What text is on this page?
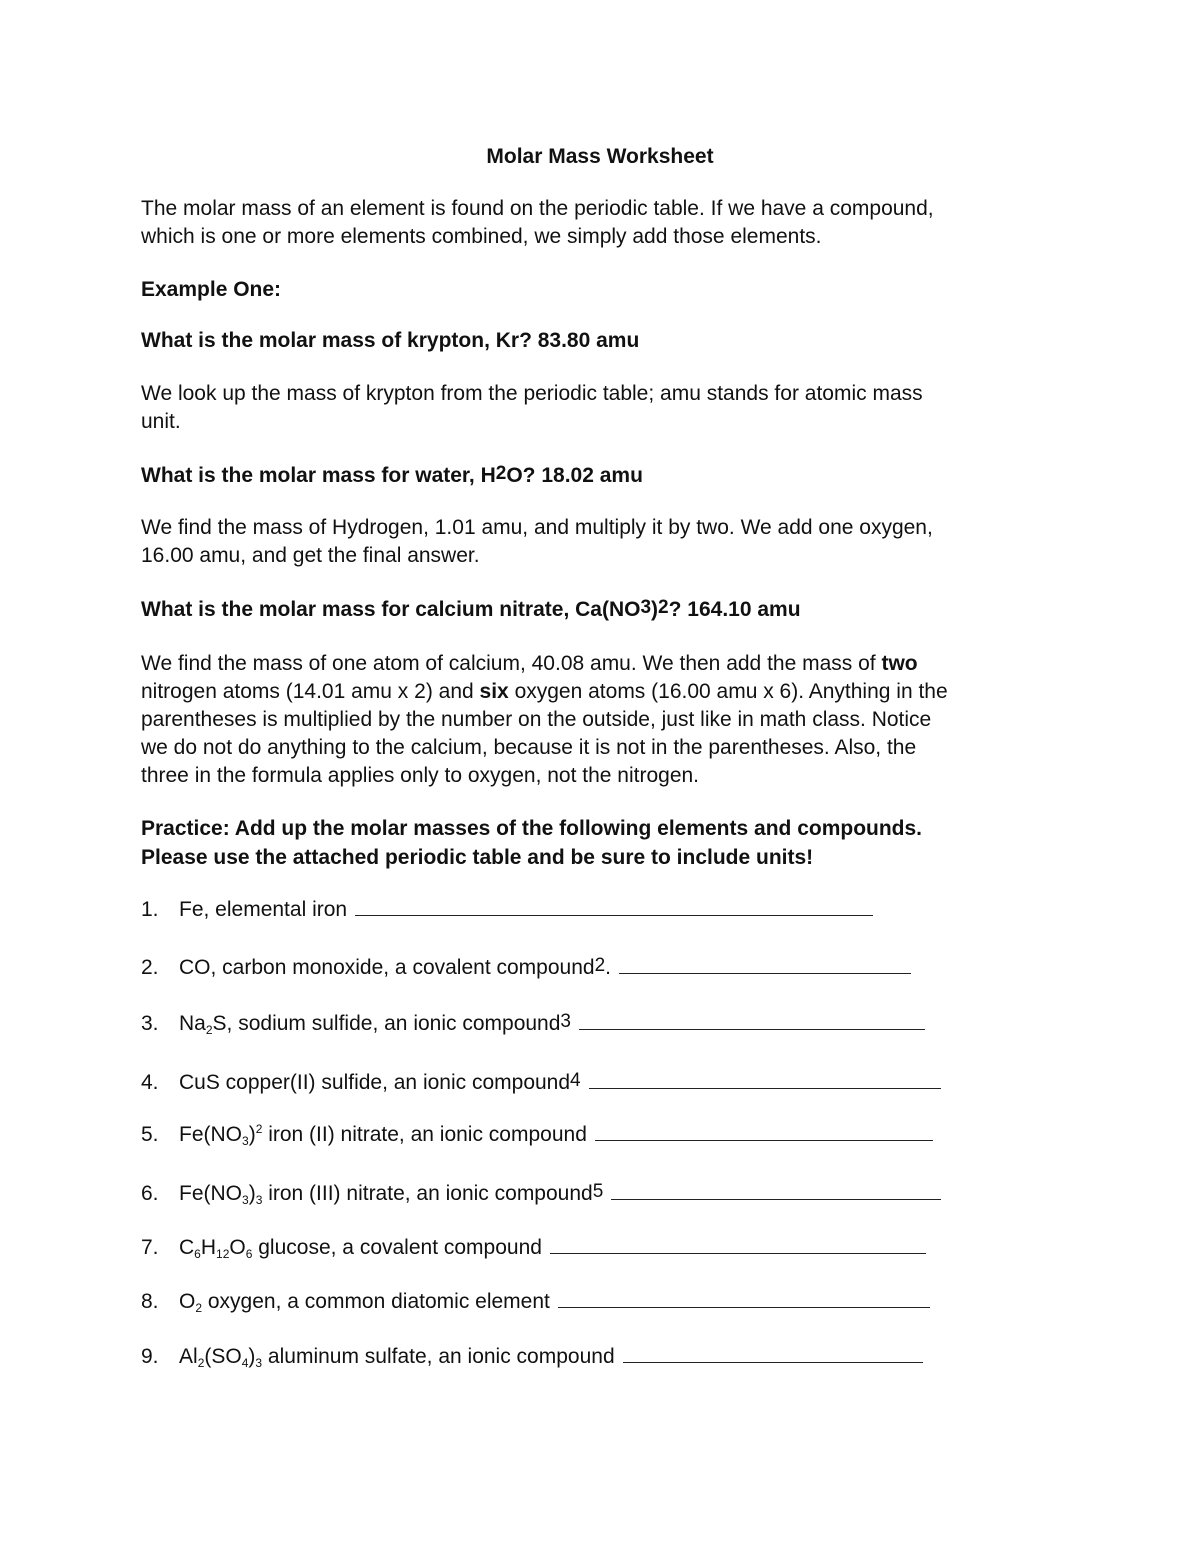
Molar Mass Worksheet

The molar mass of an element is found on the periodic table. If we have a compound,

which is one or more elements combined, we simply add those elements.

Example One:

What is the molar mass of krypton, Kr? 83.80 amu

We look up the mass of krypton from the periodic table; amu stands for atomic mass

unit.

What is the molar mass for water, H2O? 18.02 amu

We find the mass of Hydrogen, 1.01 amu, and multiply it by two. We add one oxygen,

16.00 amu, and get the final answer.

What is the molar mass for calcium nitrate, Ca(NO3)2? 164.10 amu

We find the mass of one atom of calcium, 40.08 amu. We then add the mass of two

nitrogen atoms (14.01 amu x 2) and six oxygen atoms (16.00 amu x 6). Anything in the

parentheses is multiplied by the number on the outside, just like in math class. Notice

we do not do anything to the calcium, because it is not in the parentheses. Also, the

three in the formula applies only to oxygen, not the nitrogen.

Practice: Add up the molar masses of the following elements and compounds.

Please use the attached periodic table and be sure to include units!

1. Fe, elemental iron

2. CO, carbon monoxide, a covalent compound2.

3. $Na_2S$, sodium sulfide, an ionic compound3

4. CuS copper(II) sulfide, an ionic compound4

5. $Fe(NO_3)^2$ iron (II) nitrate, an ionic compound

6. $Fe(NO_3)_3$ iron (III) nitrate, an ionic compound5

7. $C_6H_{12}O_6$ glucose, a covalent compound

8. $O_2$ oxygen, a common diatomic element

9. $Al_2(SO_4)_3$ aluminum sulfate, an ionic compound
